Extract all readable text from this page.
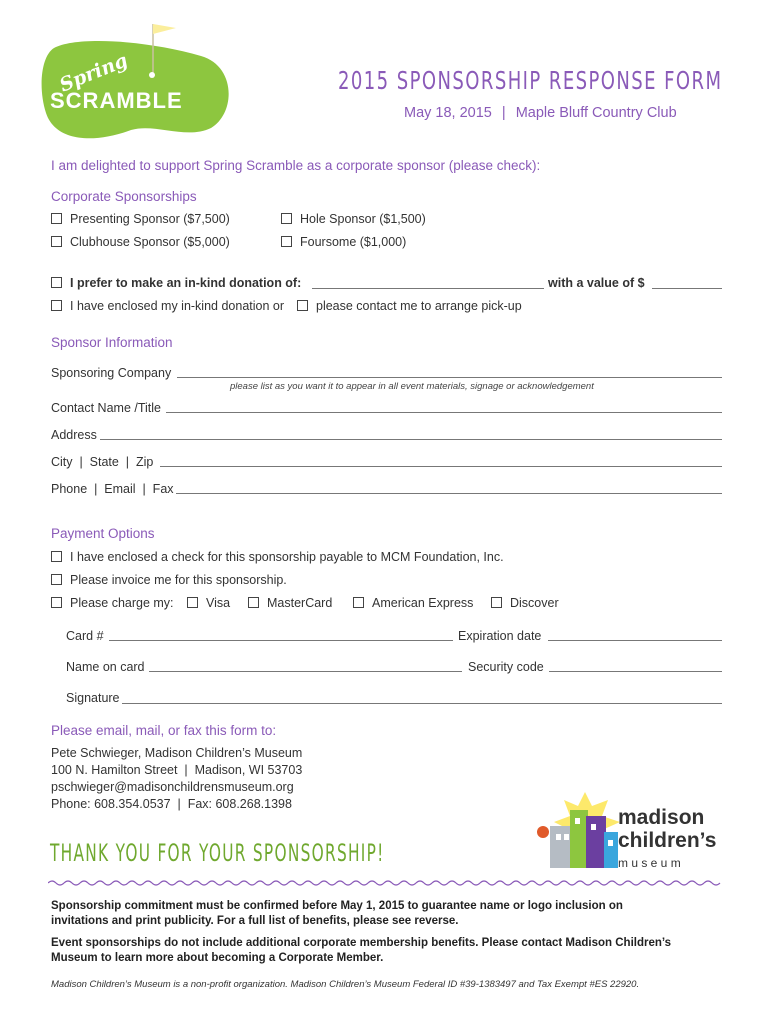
Spring
SCRAMBLE
2015 SPONSORSHIP RESPONSE FORM
May 18, 2015 | Maple Bluff Country Club
I am delighted to support Spring Scramble as a corporate sponsor (please check):
Corporate Sponsorships
Presenting Sponsor ($7,500)	Hole Sponsor ($1,500)
Clubhouse Sponsor ($5,000)	Foursome ($1,000)
I prefer to make an in-kind donation of:	with a value of $
I have enclosed my in-kind donation or	please contact me to arrange pick-up
Sponsor Information
Sponsoring Company
please list as you want it to appear in all event materials, signage or acknowledgement
Contact Name /Title
Address
City  |  State  |  Zip
Phone  |  Email  |  Fax
Payment Options
I have enclosed a check for this sponsorship payable to MCM Foundation, Inc.
Please invoice me for this sponsorship.
Please charge my:	Visa	MasterCard	American Express	Discover
Card #	Expiration date
Name on card	Security code
Signature
Please email, mail, or fax this form to:
Pete Schwieger, Madison Children’s Museum
100 N. Hamilton Street  |  Madison, WI 53703
pschwieger@madisonchildrensmuseum.org
Phone: 608.354.0537  |  Fax: 608.268.1398
madison
children’s
m u s e u m
THANK YOU FOR YOUR SPONSORSHIP!
Sponsorship commitment must be confirmed before May 1, 2015 to guarantee name or logo inclusion on invitations and print publicity. For a full list of benefits, please see reverse.
Event sponsorships do not include additional corporate membership benefits. Please contact Madison Children’s Museum to learn more about becoming a Corporate Member.
Madison Children’s Museum is a non-profit organization. Madison Children’s Museum Federal ID #39-1383497 and Tax Exempt #ES 22920.
